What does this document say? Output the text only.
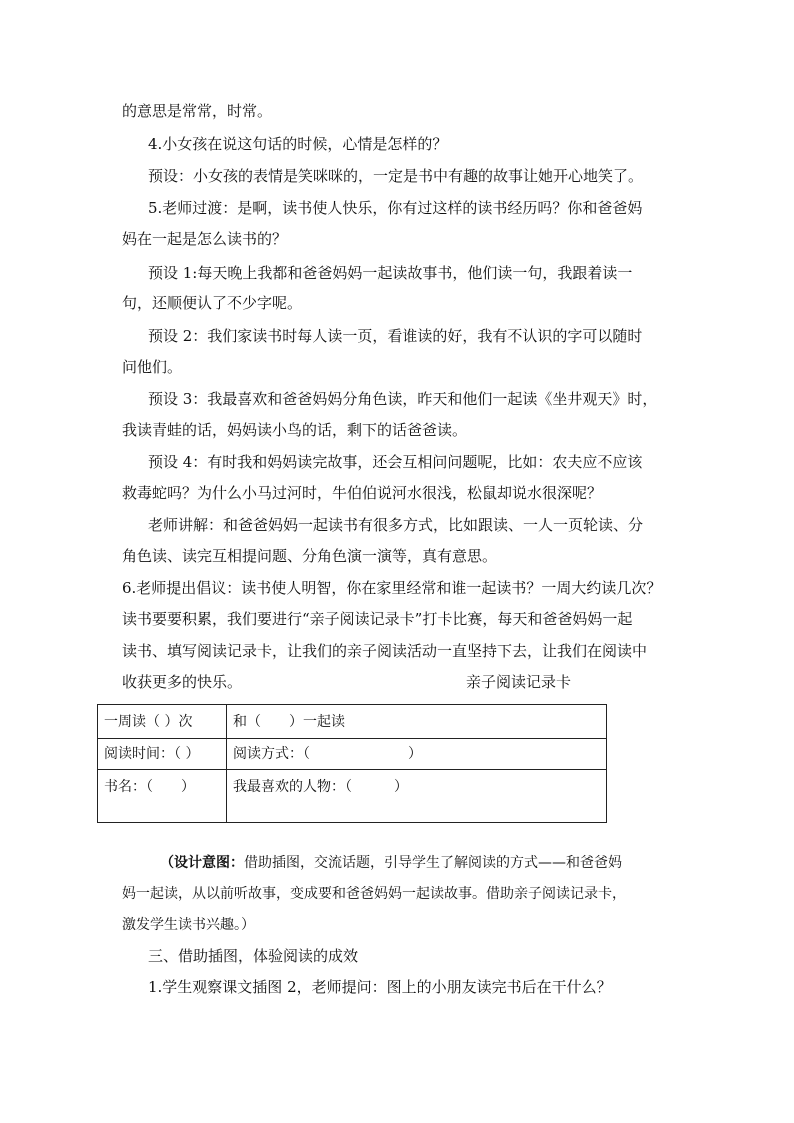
的意思是常常，时常。
4.小女孩在说这句话的时候，心情是怎样的？
预设：小女孩的表情是笑咪咪的，一定是书中有趣的故事让她开心地笑了。
5.老师过渡：是啊，读书使人快乐，你有过这样的读书经历吗？你和爸爸妈
妈在一起是怎么读书的？
预设 1:每天晚上我都和爸爸妈妈一起读故事书，他们读一句，我跟着读一
句，还顺便认了不少字呢。
预设 2：我们家读书时每人读一页，看谁读的好，我有不认识的字可以随时
问他们。
预设 3：我最喜欢和爸爸妈妈分角色读，昨天和他们一起读《坐井观天》时，
我读青蛙的话，妈妈读小鸟的话，剩下的话爸爸读。
预设 4：有时我和妈妈读完故事，还会互相问问题呢，比如：农夫应不应该
救毒蛇吗？为什么小马过河时，牛伯伯说河水很浅，松鼠却说水很深呢？
老师讲解：和爸爸妈妈一起读书有很多方式，比如跟读、一人一页轮读、分
角色读、读完互相提问题、分角色演一演等，真有意思。
6.老师提出倡议：读书使人明智，你在家里经常和谁一起读书？一周大约读几次？
读书要要积累，我们要进行“亲子阅读记录卡”打卡比赛，每天和爸爸妈妈一起
读书、填写阅读记录卡，让我们的亲子阅读活动一直坚持下去，让我们在阅读中
收获更多的快乐。	亲子阅读记录卡
一周读（ ）次	和（　　）一起读
阅读时间：（ ）	阅读方式：（　　　　　　　）
书名：（　　）	我最喜欢的人物：（　　　）
（设计意图：借助插图，交流话题，引导学生了解阅读的方式——和爸爸妈
妈一起读，从以前听故事，变成要和爸爸妈妈一起读故事。借助亲子阅读记录卡，
激发学生读书兴趣。）
三、借助插图，体验阅读的成效
1.学生观察课文插图 2，老师提问：图上的小朋友读完书后在干什么？
